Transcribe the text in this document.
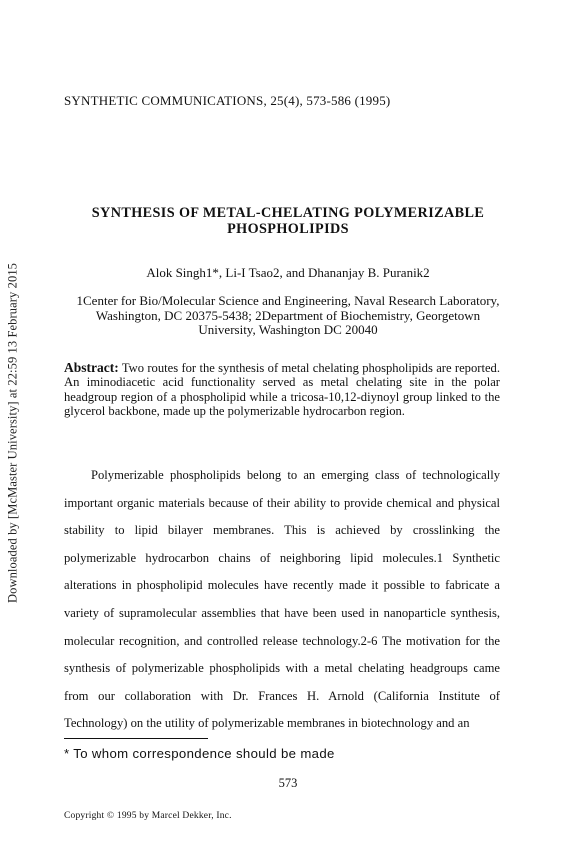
Downloaded by [McMaster University] at 22:59 13 February 2015
SYNTHETIC COMMUNICATIONS, 25(4), 573-586 (1995)
SYNTHESIS OF METAL-CHELATING POLYMERIZABLE
PHOSPHOLIPIDS
Alok Singh1*, Li-I Tsao2, and Dhananjay B. Puranik2
1Center for Bio/Molecular Science and Engineering, Naval Research Laboratory,
Washington, DC 20375-5438; 2Department of Biochemistry, Georgetown
University, Washington DC 20040
Abstract: Two routes for the synthesis of metal chelating phospholipids are reported. An iminodiacetic acid functionality served as metal chelating site in the polar headgroup region of a phospholipid while a tricosa-10,12-diynoyl group linked to the glycerol backbone, made up the polymerizable hydrocarbon region.
Polymerizable phospholipids belong to an emerging class of technologically important organic materials because of their ability to provide chemical and physical stability to lipid bilayer membranes. This is achieved by crosslinking the polymerizable hydrocarbon chains of neighboring lipid molecules.1 Synthetic alterations in phospholipid molecules have recently made it possible to fabricate a variety of supramolecular assemblies that have been used in nanoparticle synthesis, molecular recognition, and controlled release technology.2-6 The motivation for the synthesis of polymerizable phospholipids with a metal chelating headgroups came from our collaboration with Dr. Frances H. Arnold (California Institute of Technology) on the utility of polymerizable membranes in biotechnology and an
* To whom correspondence should be made
573
Copyright © 1995 by Marcel Dekker, Inc.
